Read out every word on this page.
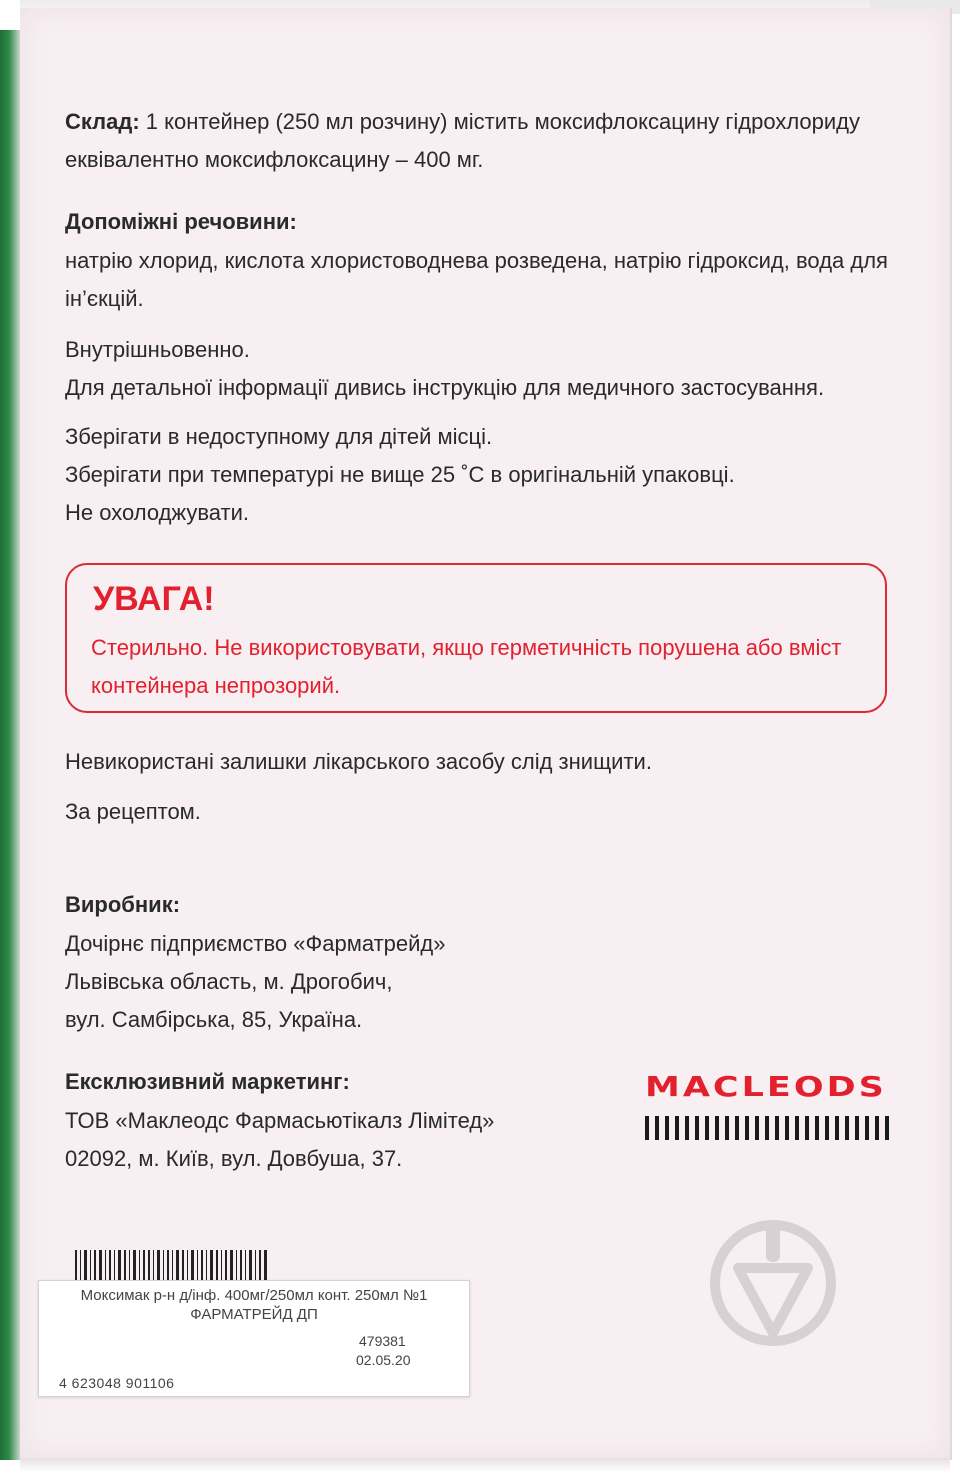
Склад: 1 контейнер (250 мл розчину) містить моксифлоксацину гідрохлориду
еквівалентно моксифлоксацину – 400 мг.
Допоміжні речовини:
натрію хлорид, кислота хлористоводнева розведена, натрію гідроксид, вода для
ін’єкцій.
Внутрішньовенно.
Для детальної інформації дивись інструкцію для медичного застосування.
Зберігати в недоступному для дітей місці.
Зберігати при температурі не вище 25 ˚С в оригінальній упаковці.
Не охолоджувати.
УВАГА!
Стерильно. Не використовувати, якщо герметичність порушена або вміст
контейнера непрозорий.
Невикористані залишки лікарського засобу слід знищити.
За рецептом.
Виробник:
Дочірнє підприємство «Фарматрейд»
Львівська область, м. Дрогобич,
вул. Самбірська, 85, Україна.
Ексклюзивний маркетинг:
ТОВ «Маклеодс Фармасьютікалз Лімітед»
02092, м. Київ, вул. Довбуша, 37.
MACLEODS
Моксимак р-н д/інф. 400мг/250мл конт. 250мл №1
ФАРМАТРЕЙД ДП
479381
02.05.20
4 623048 901106
